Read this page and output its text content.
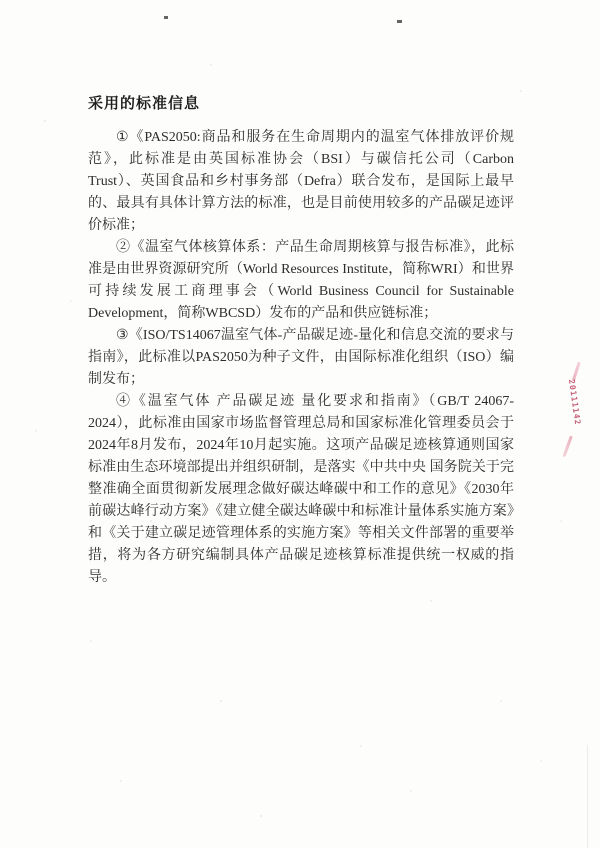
采用的标准信息

①《PAS2050:商品和服务在生命周期内的温室气体排放评价规范》，此标准是由英国标准协会（BSI）与碳信托公司（Carbon Trust）、英国食品和乡村事务部（Defra）联合发布，是国际上最早的、最具有具体计算方法的标准，也是目前使用较多的产品碳足迹评价标准；

②《温室气体核算体系：产品生命周期核算与报告标准》，此标准是由世界资源研究所（World Resources Institute，简称WRI）和世界可持续发展工商理事会（World Business Council for Sustainable Development，简称WBCSD）发布的产品和供应链标准；

③《ISO/TS14067温室气体-产品碳足迹-量化和信息交流的要求与指南》，此标准以PAS2050为种子文件，由国际标准化组织（ISO）编制发布；

④《温室气体 产品碳足迹 量化要求和指南》（GB/T 24067-2024），此标准由国家市场监督管理总局和国家标准化管理委员会于2024年8月发布，2024年10月起实施。这项产品碳足迹核算通则国家标准由生态环境部提出并组织研制，是落实《中共中央 国务院关于完整准确全面贯彻新发展理念做好碳达峰碳中和工作的意见》《2030年前碳达峰行动方案》《建立健全碳达峰碳中和标准计量体系实施方案》和《关于建立碳足迹管理体系的实施方案》等相关文件部署的重要举措，将为各方研究编制具体产品碳足迹核算标准提供统一权威的指导。

20111142
